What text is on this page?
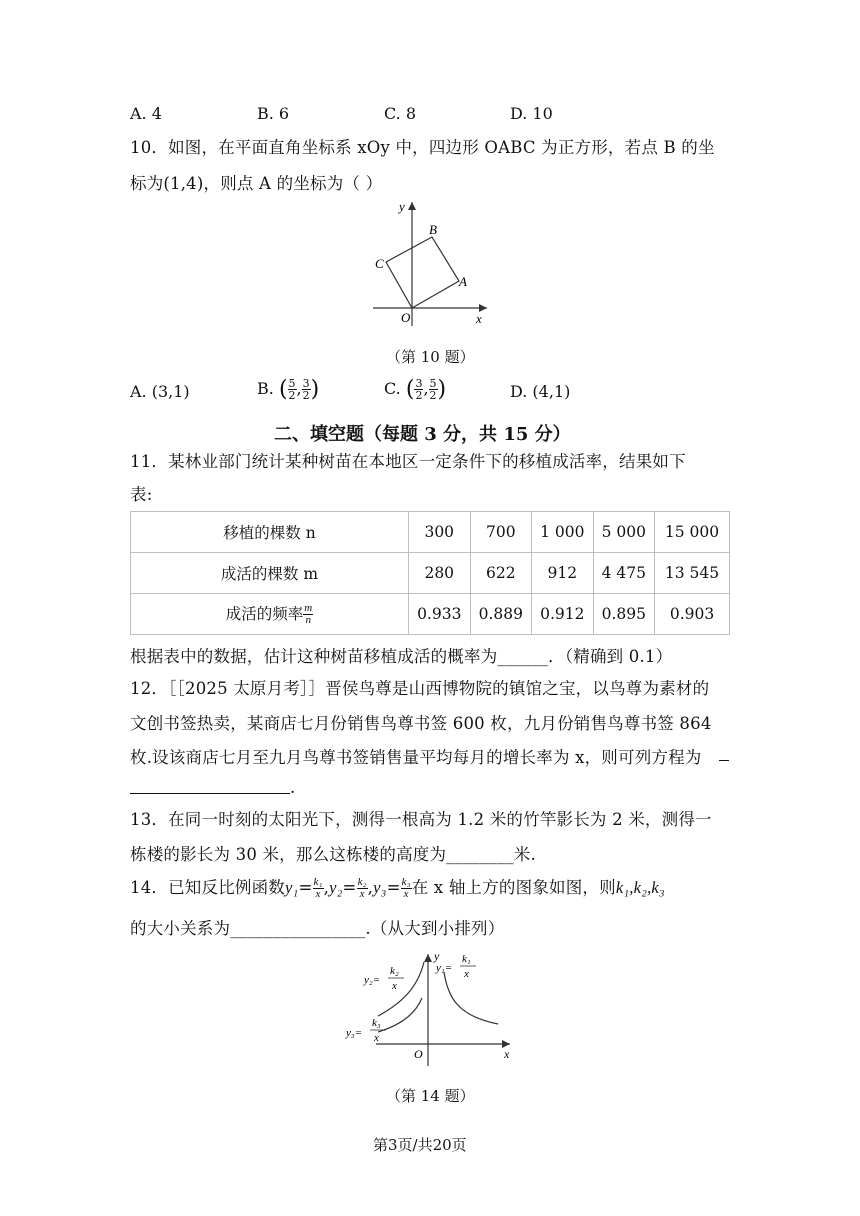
A. 4	B. 6	C. 8	D. 10
10．如图，在平面直角坐标系 xOy 中，四边形 OABC 为正方形，若点 B 的坐
标为(1,4)，则点 A 的坐标为（ ）
y
x
O
A
B
C
（第 10 题）
A. (3,1)	B. ( $\frac{5}{2}$ , $\frac{3}{2}$ )	C. ( $\frac{3}{2}$ , $\frac{5}{2}$ )	D. (4,1)
二、填空题（每题 3 分，共 15 分）
11．某林业部门统计某种树苗在本地区一定条件下的移植成活率，结果如下
表:
移植的棵数 n	300	700	1 000	5 000	15 000
成活的棵数 m	280	622	912	4 475	13 545
成活的频率 $\frac{m}{n}$	0.933	0.889	0.912	0.895	0.903
根据表中的数据，估计这种树苗移植成活的概率为______．（精确到 0.1）
12．［［2025 太原月考］］晋侯鸟尊是山西博物院的镇馆之宝，以鸟尊为素材的
文创书签热卖，某商店七月份销售鸟尊书签 600 枚，九月份销售鸟尊书签 864
枚.设该商店七月至九月鸟尊书签销售量平均每月的增长率为 x，则可列方程为
.
13．在同一时刻的太阳光下，测得一根高为 1.2 米的竹竿影长为 2 米，测得一
栋楼的影长为 30 米，那么这栋楼的高度为________米.
14．已知反比例函数$y_1= \frac{\text{k₁}}{x} ,y_2= \frac{\text{k₂}}{x} ,y_3= \frac{\text{k₃}}{x}$ 在 x 轴上方的图象如图，则k₁,k₂,k₃
的大小关系为________________.（从大到小排列）
y
x
O
y₁=
k₁
x
y₂=
k₂
x
y₃=
k₃
x
（第 14 题）
第3页/共20页
